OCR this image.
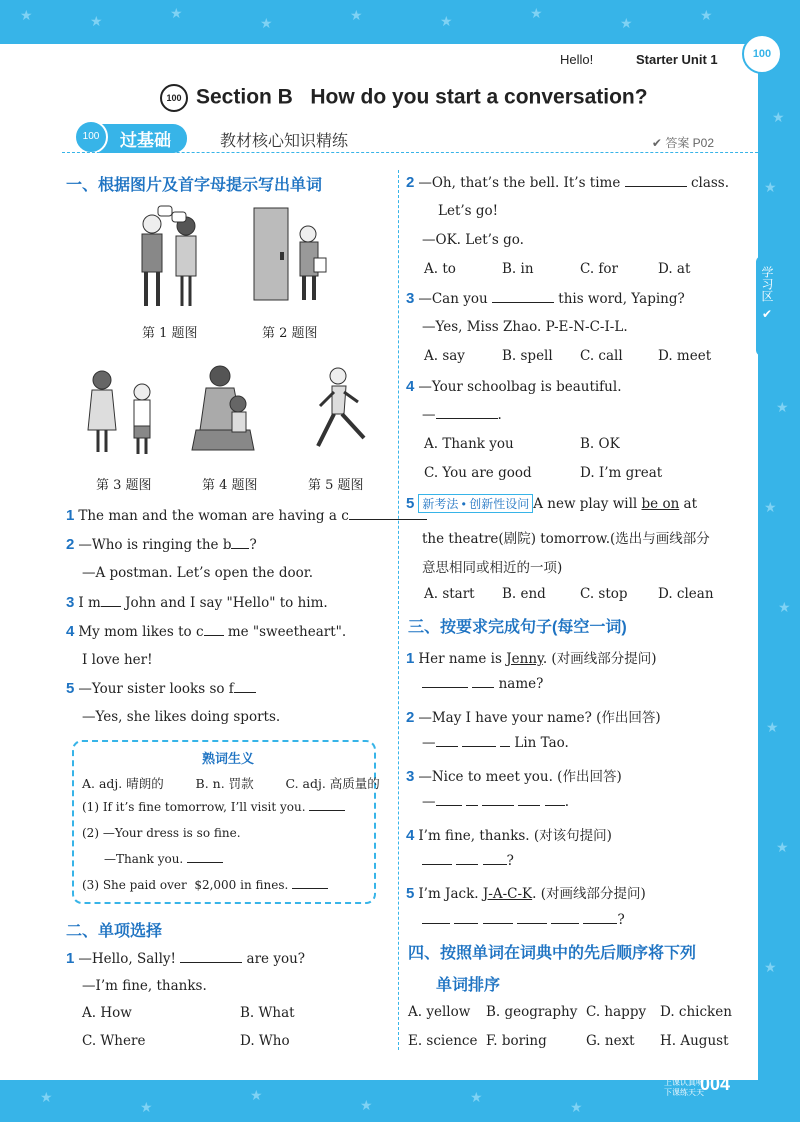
★	★	★
★	★	★	★
★	★
★
★
★
★
★
★
★
★
★
★
★
★	★
★
Hello!	Starter Unit 1	100
100 Section B   How do you start a conversation?
过基础
100	教材核心知识精练	✔ 答案 P02
学习区
✔
一、根据图片及首字母提示写出单词
第 1 题图	第 2 题图
第 3 题图	第 4 题图	第 5 题图
1 The man and the woman are having a c
2 —Who is ringing the b ?
—A postman. Let’s open the door.
3 I m John and I say "Hello" to him.
4 My mom likes to c me "sweetheart".
I love her!
5 —Your sister looks so f
—Yes, she likes doing sports.
熟词生义
A. adj. 晴朗的        B. n. 罚款        C. adj. 高质量的
(1) If it’s fine tomorrow, I’ll visit you.
(2) —Your dress is so fine.
—Thank you.
(3) She paid over  $2,000 in fines.
二、单项选择
1 —Hello, Sally!	are you?
—I’m fine, thanks.
A. How	B. What
C. Where	D. Who
2 —Oh, that’s the bell. It’s time	class.
Let’s go!
—OK. Let’s go.
A. to	B. in	C. for	D. at
3 —Can you	this word, Yaping?
—Yes, Miss Zhao. P-E-N-C-I-L.
A. say	B. spell C. call	D. meet
4 —Your schoolbag is beautiful.
—	.
A. Thank you	B. OK
C. You are good	D. I’m great
5 新考法 • 创新性设问 A new play will be on at
the theatre(剧院) tomorrow.(选出与画线部分
意思相同或相近的一项)
A. start B. end	C. stop D. clean
三、按要求完成句子(每空一词)
1 Her name is Jenny. (对画线部分提问)
name?
2 —May I have your name? (作出回答)
—	Lin Tao.
3 —Nice to meet you. (作出回答)
—	.
4 I’m fine, thanks. (对该句提问)
?
5 I’m Jack. J-A-C-K. (对画线部分提问)
?
四、按照单词在词典中的先后顺序将下列
单词排序
A. yellow B. geography C. happy D. chicken
E. science F. boring	G. next H. August
上课认真听
下课练天天
004
